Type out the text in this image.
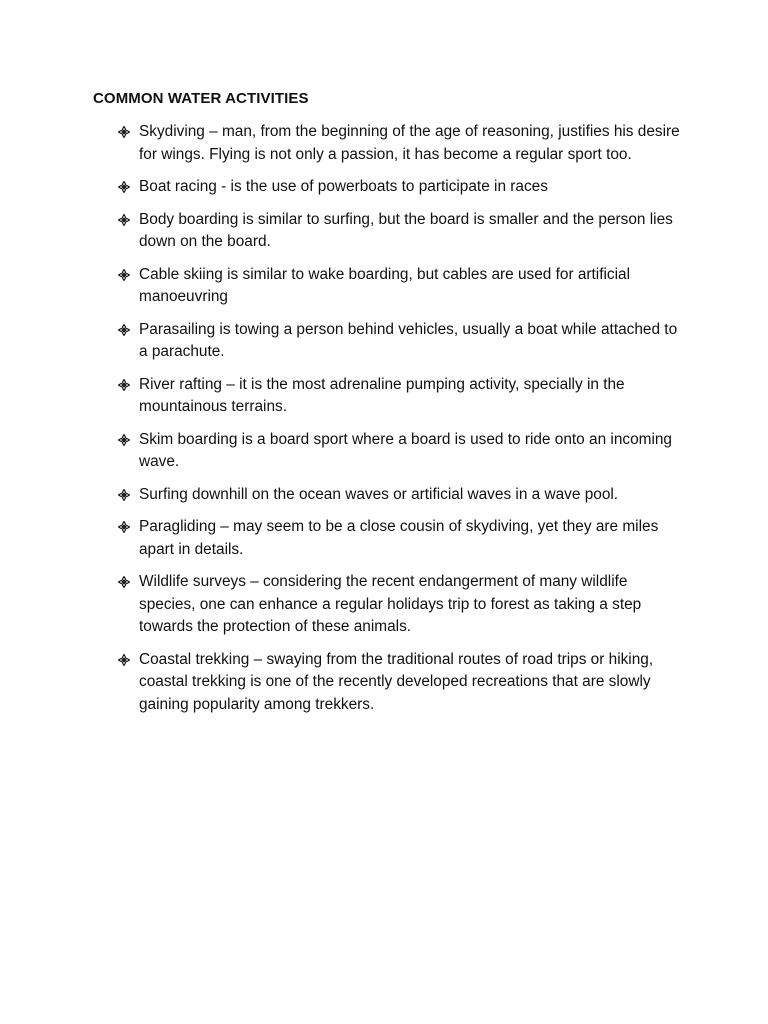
COMMON WATER ACTIVITIES
Skydiving – man, from the beginning of the age of reasoning, justifies his desire for wings. Flying is not only a passion, it has become a regular sport too.
Boat racing - is the use of powerboats to participate in races
Body boarding is similar to surfing, but the board is smaller and the person lies down on the board.
Cable skiing is similar to wake boarding, but cables are used for artificial manoeuvring
Parasailing is towing a person behind vehicles, usually a boat while attached to a parachute.
River rafting – it is the most adrenaline pumping activity, specially in the mountainous terrains.
Skim boarding is a board sport where a board is used to ride onto an incoming wave.
Surfing downhill on the ocean waves or artificial waves in a wave pool.
Paragliding – may seem to be a close cousin of skydiving, yet they are miles apart in details.
Wildlife surveys – considering the recent endangerment of many wildlife species, one can enhance a regular holidays trip to forest as taking a step towards the protection of these animals.
Coastal trekking – swaying from the traditional routes of road trips or hiking, coastal trekking is one of the recently developed recreations that are slowly gaining popularity among trekkers.
